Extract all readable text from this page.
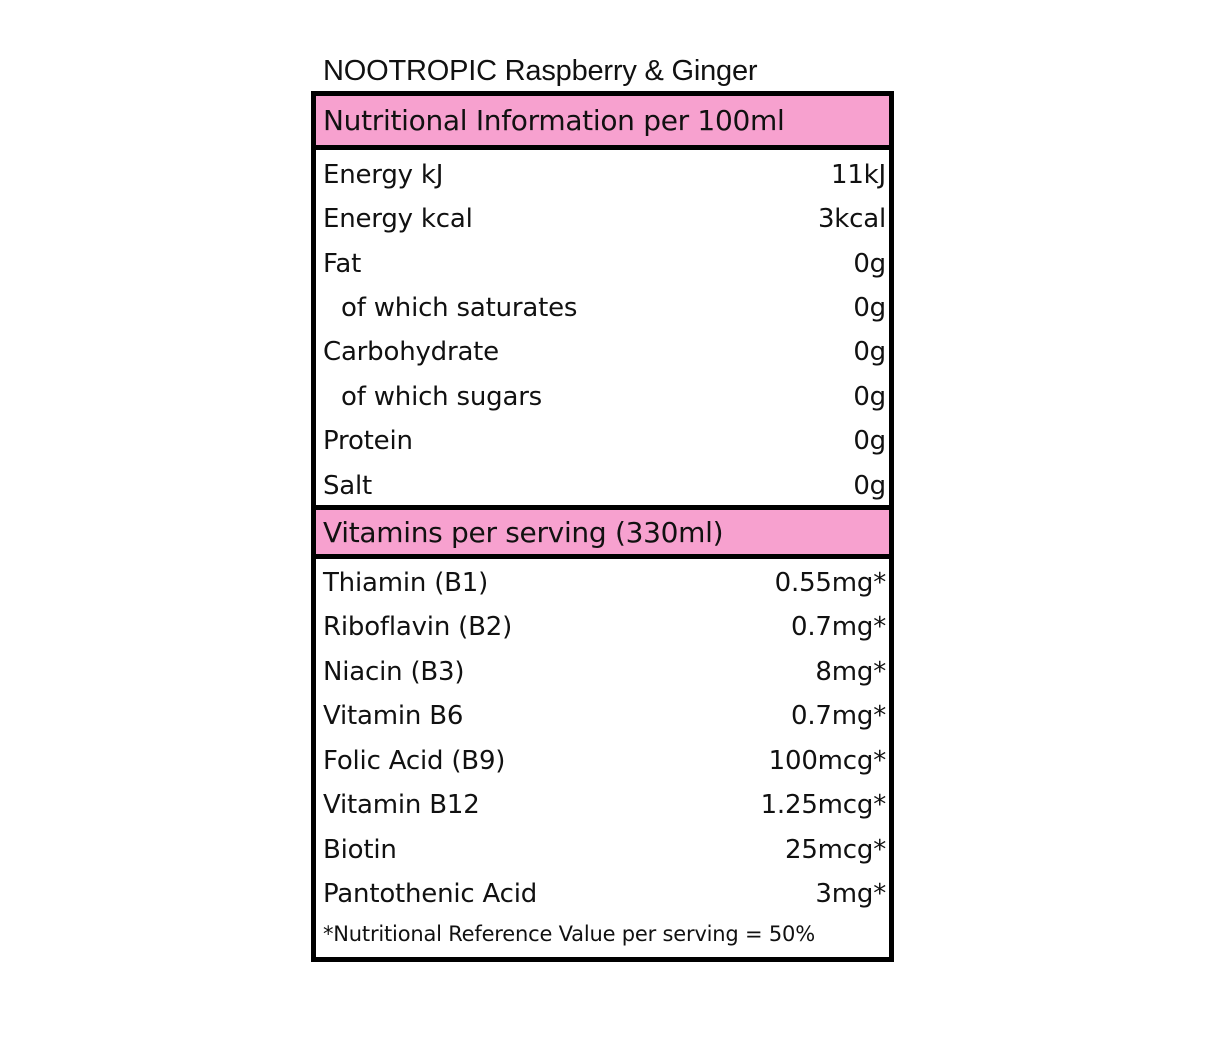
NOOTROPIC Raspberry & Ginger
Nutritional Information per 100ml
Energy kJ	11kJ
Energy kcal	3kcal
Fat	0g
of which saturates	0g
Carbohydrate	0g
of which sugars	0g
Protein	0g
Salt	0g
Vitamins per serving (330ml)
Thiamin (B1)	0.55mg*
Riboflavin (B2)	0.7mg*
Niacin (B3)	8mg*
Vitamin B6	0.7mg*
Folic Acid (B9)	100mcg*
Vitamin B12	1.25mcg*
Biotin	25mcg*
Pantothenic Acid	3mg*
*Nutritional Reference Value per serving = 50%
